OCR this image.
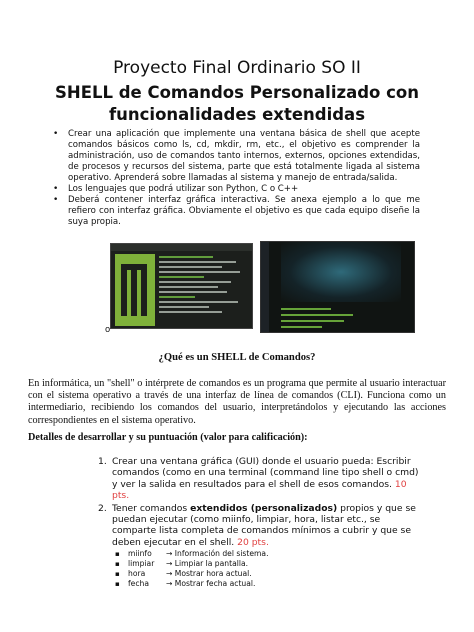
Proyecto Final Ordinario SO II
SHELL de Comandos Personalizado con
funcionalidades extendidas
• Crear una aplicación que implemente una ventana básica de shell que acepte comandos básicos como ls, cd, mkdir, rm, etc., el objetivo es comprender la administración, uso de comandos tanto internos, externos, opciones extendidas, de procesos y recursos del sistema, parte que está totalmente ligada al sistema operativo. Aprenderá sobre llamadas al sistema y manejo de entrada/salida.
• Los lenguajes que podrá utilizar son Python, C o C++
• Deberá contener interfaz gráfica interactiva. Se anexa ejemplo a lo que me refiero con interfaz gráfica. Obviamente el objetivo es que cada equipo diseñe la suya propia.
o
¿Qué es un SHELL de Comandos?

En informática, un "shell" o intérprete de comandos es un programa que permite al usuario interactuar con el sistema operativo a través de una interfaz de línea de comandos (CLI). Funciona como un intermediario, recibiendo los comandos del usuario, interpretándolos y ejecutando las acciones correspondientes en el sistema operativo.

Detalles de desarrollar y su puntuación (valor para calificación):
1. Crear una ventana gráfica (GUI) donde el usuario pueda: Escribir comandos (como en una terminal (command line tipo shell o cmd) y ver la salida en resultados para el shell de esos comandos. 10 pts.
2. Tener comandos extendidos (personalizados) propios y que se puedan ejecutar (como miinfo, limpiar, hora, listar etc., se comparte lista completa de comandos mínimos a cubrir y que se deben ejecutar en el shell. 20 pts.
▪ miinfo → Información del sistema.
▪ limpiar → Limpiar la pantalla.
▪ hora	→ Mostrar hora actual.
▪ fecha → Mostrar fecha actual.
